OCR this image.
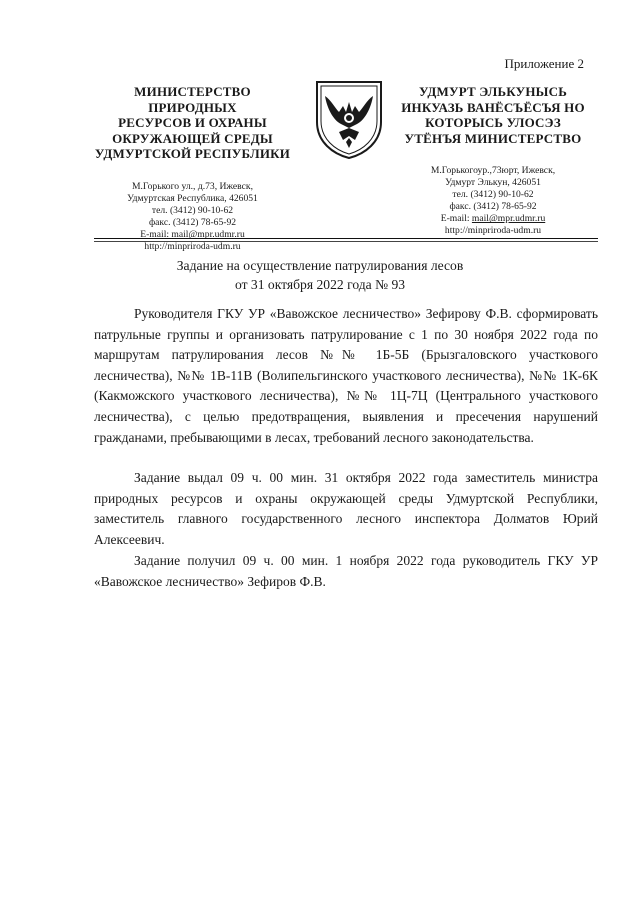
Приложение 2
МИНИСТЕРСТВО ПРИРОДНЫХ
РЕСУРСОВ И ОХРАНЫ
ОКРУЖАЮЩЕЙ СРЕДЫ
УДМУРТСКОЙ РЕСПУБЛИКИ
М.Горького ул., д.73, Ижевск,
Удмуртская Республика, 426051
тел. (3412) 90-10-62
факс. (3412) 78-65-92
E-mail: mail@mpr.udmr.ru
http://minpriroda-udm.ru
УДМУРТ ЭЛЬКУНЫСЬ
ИНКУАЗЬ ВАНЁСЪЁСЪЯ НО
КОТОРЫСЬ УЛОСЭЗ
УТЁНЪЯ МИНИСТЕРСТВО
М.Горькогоур.,73юрт, Ижевск,
Удмурт Элькун, 426051
тел. (3412) 90-10-62
факс. (3412) 78-65-92
E-mail: mail@mpr.udmr.ru
http://minpriroda-udm.ru
Задание на осуществление патрулирования лесов
от 31 октября 2022 года № 93

Руководителя ГКУ УР «Вавожское лесничество» Зефирову Ф.В. сформировать патрульные группы и организовать патрулирование с 1 по 30 ноября 2022 года по маршрутам патрулирования лесов №№ 1Б-5Б (Брызгаловского участкового лесничества), №№ 1В-11В (Волипельгинского участкового лесничества), №№ 1К-6К (Какможского участкового лесничества), №№ 1Ц-7Ц (Центрального участкового лесничества), с целью предотвращения, выявления и пресечения нарушений гражданами, пребывающими в лесах, требований лесного законодательства.

Задание выдал 09 ч. 00 мин. 31 октября 2022 года заместитель министра природных ресурсов и охраны окружающей среды Удмуртской Республики, заместитель главного государственного лесного инспектора Долматов Юрий Алексеевич.

Задание получил 09 ч. 00 мин. 1 ноября 2022 года руководитель ГКУ УР «Вавожское лесничество» Зефиров Ф.В.
